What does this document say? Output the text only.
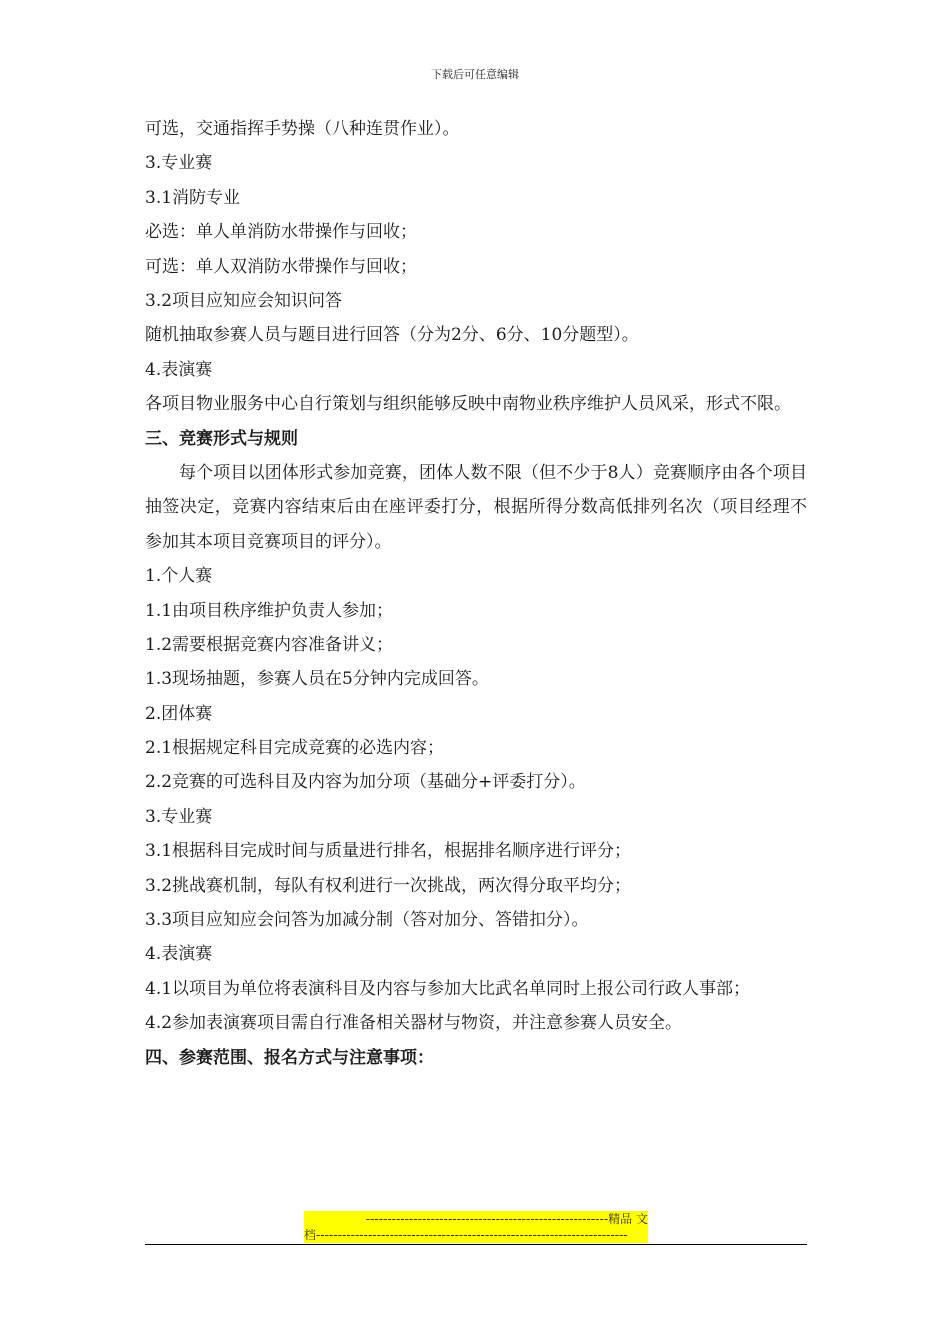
下载后可任意编辑
可选，交通指挥手势操（八种连贯作业）。
3.专业赛
3.1消防专业
必选：单人单消防水带操作与回收；
可选：单人双消防水带操作与回收；
3.2项目应知应会知识问答
随机抽取参赛人员与题目进行回答（分为2分、6分、10分题型）。
4.表演赛
各项目物业服务中心自行策划与组织能够反映中南物业秩序维护人员风采，形式不限。
三、竞赛形式与规则
每个项目以团体形式参加竞赛，团体人数不限（但不少于8人）竞赛顺序由各个项目抽签决定，竞赛内容结束后由在座评委打分，根据所得分数高低排列名次（项目经理不参加其本项目竞赛项目的评分）。
1.个人赛
1.1由项目秩序维护负责人参加；
1.2需要根据竞赛内容准备讲义；
1.3现场抽题，参赛人员在5分钟内完成回答。
2.团体赛
2.1根据规定科目完成竞赛的必选内容；
2.2竞赛的可选科目及内容为加分项（基础分+评委打分）。
3.专业赛
3.1根据科目完成时间与质量进行排名，根据排名顺序进行评分；
3.2挑战赛机制，每队有权利进行一次挑战，两次得分取平均分；
3.3项目应知应会问答为加减分制（答对加分、答错扣分）。
4.表演赛
4.1以项目为单位将表演科目及内容与参加大比武名单同时上报公司行政人事部；
4.2参加表演赛项目需自行准备相关器材与物资，并注意参赛人员安全。
四、参赛范围、报名方式与注意事项：
--------------------------------------------------------精品 文
档------------------------------------------------------------------------
